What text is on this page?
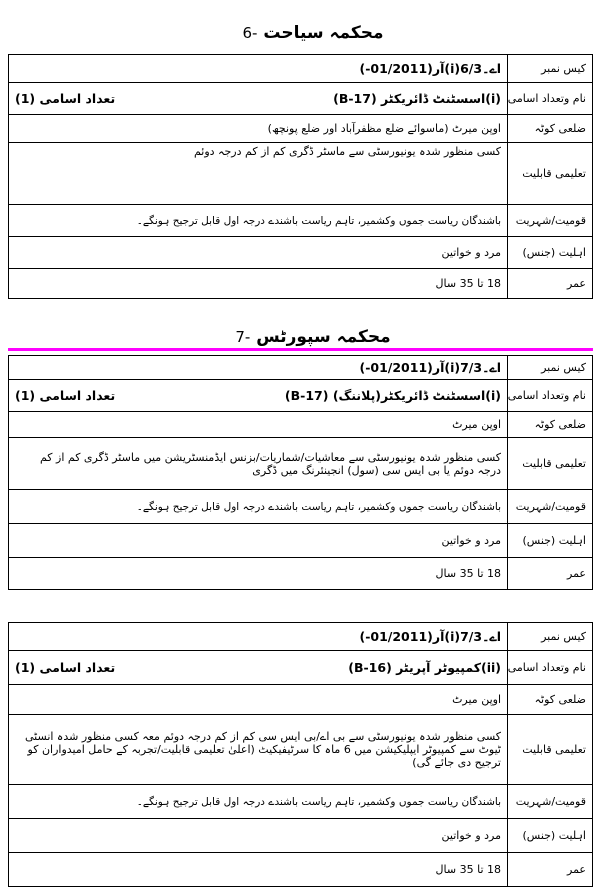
محکمہ سیاحت -6
کیس نمبر	اے۔6/3(i)آر(01/2011-)
نام وتعداد اسامی	(i)اسسٹنٹ ڈائریکٹر (B-17)
تعداد اسامی (1)

ضلعی کوٹہ	اوپن میرٹ (ماسوائے ضلع مظفرآباد اور ضلع پونچھ)
تعلیمی قابلیت	کسی منظور شدہ یونیورسٹی سے ماسٹر ڈگری کم از کم درجہ دوئم
قومیت/شہریت	باشندگان ریاست جموں وکشمیر، تاہم ریاست باشندے درجہ اول قابل ترجیح ہونگے۔
اہلیت (جنس)	مرد و خواتین
عمر	18 تا 35 سال
محکمہ سپورٹس -7
کیس نمبر	اے۔7/3(i)آر(01/2011-)
نام وتعداد اسامی	(i)اسسٹنٹ ڈائریکٹر(پلاننگ) (B-17)
تعداد اسامی (1)

ضلعی کوٹہ	اوپن میرٹ
تعلیمی قابلیت	کسی منظور شدہ یونیورسٹی سے معاشیات/شماریات/بزنس ایڈمنسٹریشن میں ماسٹر ڈگری کم از کم درجہ دوئم یا بی ایس سی (سول) انجینئرنگ میں ڈگری
قومیت/شہریت	باشندگان ریاست جموں وکشمیر، تاہم ریاست باشندے درجہ اول قابل ترجیح ہونگے۔
اہلیت (جنس)	مرد و خواتین
عمر	18 تا 35 سال
کیس نمبر	اے۔7/3(i)آر(01/2011-)
نام وتعداد اسامی	(ii)کمپیوٹر آپریٹر (B-16)
تعداد اسامی (1)

ضلعی کوٹہ	اوپن میرٹ
تعلیمی قابلیت	کسی منظور شدہ یونیورسٹی سے بی اے/بی ایس سی کم از کم درجہ دوئم معہ کسی منظور شدہ انسٹی ٹیوٹ سے کمپیوٹر ایپلیکیشن میں 6 ماہ کا سرٹیفیکیٹ (اعلیٰ تعلیمی قابلیت/تجربہ کے حامل امیدواران کو ترجیح دی جائے گی)
قومیت/شہریت	باشندگان ریاست جموں وکشمیر، تاہم ریاست باشندے درجہ اول قابل ترجیح ہونگے۔
اہلیت (جنس)	مرد و خواتین
عمر	18 تا 35 سال
